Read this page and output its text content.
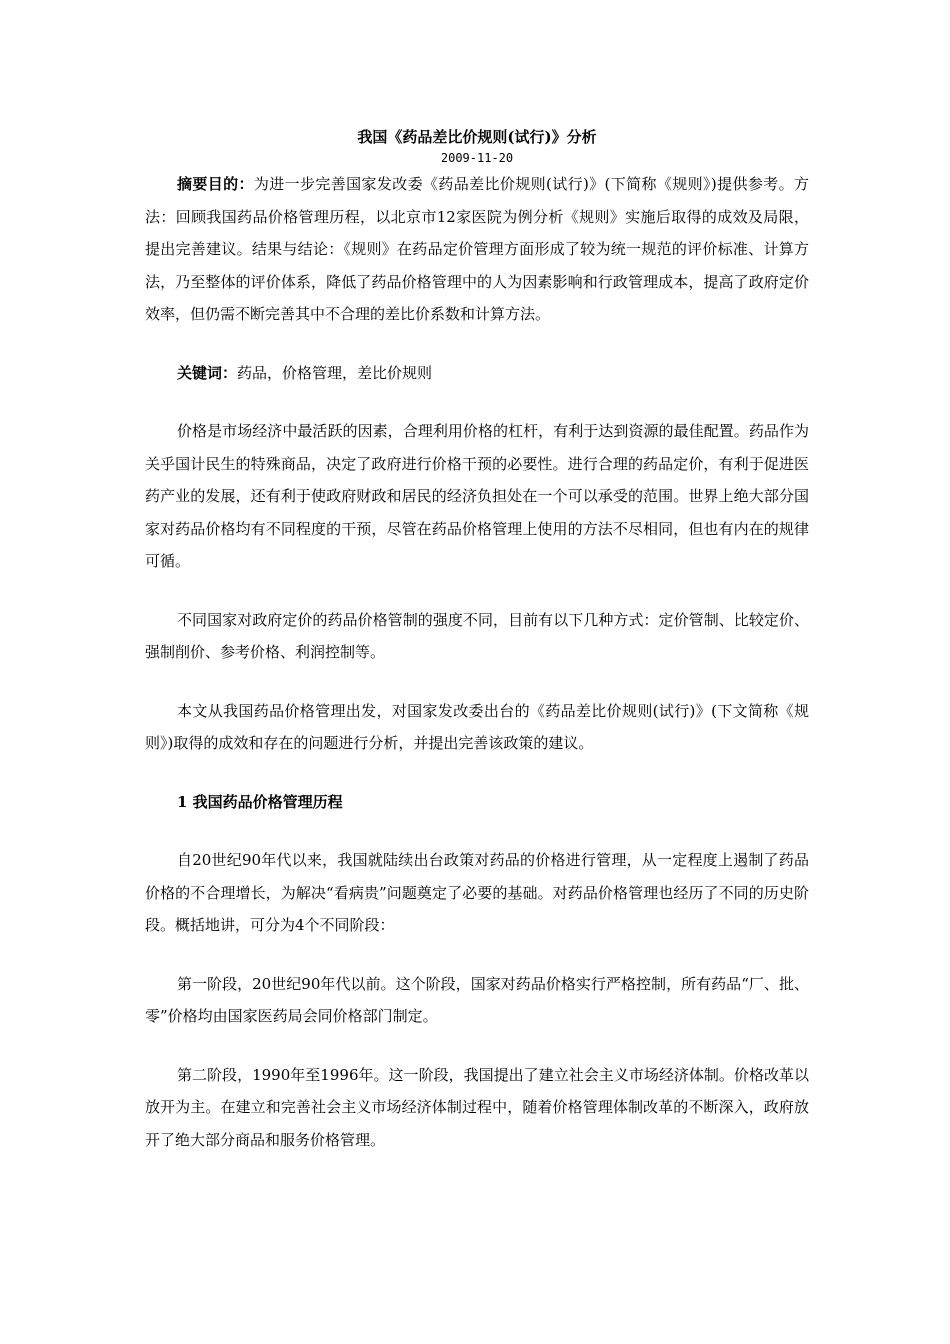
我国《药品差比价规则(试行)》分析
2009-11-20

摘要目的：为进一步完善国家发改委《药品差比价规则(试行)》(下简称《规则》)提供参考。方法：回顾我国药品价格管理历程，以北京市12家医院为例分析《规则》实施后取得的成效及局限，提出完善建议。结果与结论：《规则》在药品定价管理方面形成了较为统一规范的评价标准、计算方法，乃至整体的评价体系，降低了药品价格管理中的人为因素影响和行政管理成本，提高了政府定价效率，但仍需不断完善其中不合理的差比价系数和计算方法。

关键词：药品，价格管理，差比价规则

价格是市场经济中最活跃的因素，合理利用价格的杠杆，有利于达到资源的最佳配置。药品作为关乎国计民生的特殊商品，决定了政府进行价格干预的必要性。进行合理的药品定价，有利于促进医药产业的发展，还有利于使政府财政和居民的经济负担处在一个可以承受的范围。世界上绝大部分国家对药品价格均有不同程度的干预，尽管在药品价格管理上使用的方法不尽相同，但也有内在的规律可循。

不同国家对政府定价的药品价格管制的强度不同，目前有以下几种方式：定价管制、比较定价、强制削价、参考价格、利润控制等。

本文从我国药品价格管理出发，对国家发改委出台的《药品差比价规则(试行)》(下文简称《规则》)取得的成效和存在的问题进行分析，并提出完善该政策的建议。

1 我国药品价格管理历程

自20世纪90年代以来，我国就陆续出台政策对药品的价格进行管理，从一定程度上遏制了药品价格的不合理增长，为解决“看病贵”问题奠定了必要的基础。对药品价格管理也经历了不同的历史阶段。概括地讲，可分为4个不同阶段：

第一阶段，20世纪90年代以前。这个阶段，国家对药品价格实行严格控制，所有药品“厂、批、零”价格均由国家医药局会同价格部门制定。

第二阶段，1990年至1996年。这一阶段，我国提出了建立社会主义市场经济体制。价格改革以放开为主。在建立和完善社会主义市场经济体制过程中，随着价格管理体制改革的不断深入，政府放开了绝大部分商品和服务价格管理。
